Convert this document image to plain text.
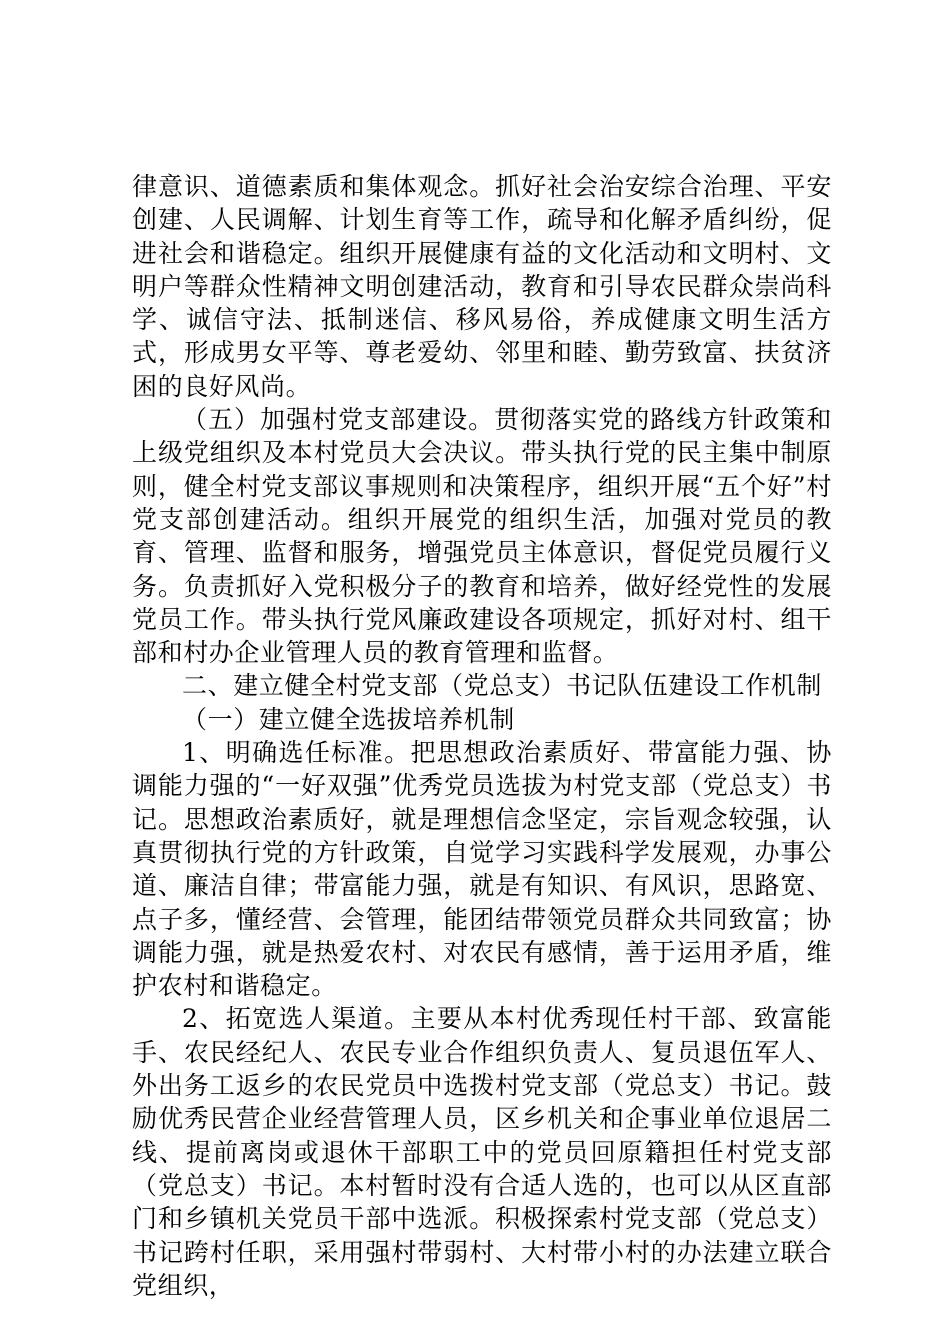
律意识、道德素质和集体观念。抓好社会治安综合治理、平安创建、人民调解、计划生育等工作，疏导和化解矛盾纠纷，促进社会和谐稳定。组织开展健康有益的文化活动和文明村、文明户等群众性精神文明创建活动，教育和引导农民群众崇尚科学、诚信守法、抵制迷信、移风易俗，养成健康文明生活方式，形成男女平等、尊老爱幼、邻里和睦、勤劳致富、扶贫济困的良好风尚。

（五）加强村党支部建设。贯彻落实党的路线方针政策和上级党组织及本村党员大会决议。带头执行党的民主集中制原则，健全村党支部议事规则和决策程序，组织开展“五个好”村党支部创建活动。组织开展党的组织生活，加强对党员的教育、管理、监督和服务，增强党员主体意识，督促党员履行义务。负责抓好入党积极分子的教育和培养，做好经党性的发展党员工作。带头执行党风廉政建设各项规定，抓好对村、组干部和村办企业管理人员的教育管理和监督。

二、建立健全村党支部（党总支）书记队伍建设工作机制

（一）建立健全选拔培养机制

1、明确选任标准。把思想政治素质好、带富能力强、协调能力强的“一好双强”优秀党员选拔为村党支部（党总支）书记。思想政治素质好，就是理想信念坚定，宗旨观念较强，认真贯彻执行党的方针政策，自觉学习实践科学发展观，办事公道、廉洁自律；带富能力强，就是有知识、有风识，思路宽、点子多，懂经营、会管理，能团结带领党员群众共同致富；协调能力强，就是热爱农村、对农民有感情，善于运用矛盾，维护农村和谐稳定。

2、拓宽选人渠道。主要从本村优秀现任村干部、致富能手、农民经纪人、农民专业合作组织负责人、复员退伍军人、外出务工返乡的农民党员中选拨村党支部（党总支）书记。鼓励优秀民营企业经营管理人员，区乡机关和企事业单位退居二线、提前离岗或退休干部职工中的党员回原籍担任村党支部（党总支）书记。本村暂时没有合适人选的，也可以从区直部门和乡镇机关党员干部中选派。积极探索村党支部（党总支）书记跨村任职，采用强村带弱村、大村带小村的办法建立联合党组织，
